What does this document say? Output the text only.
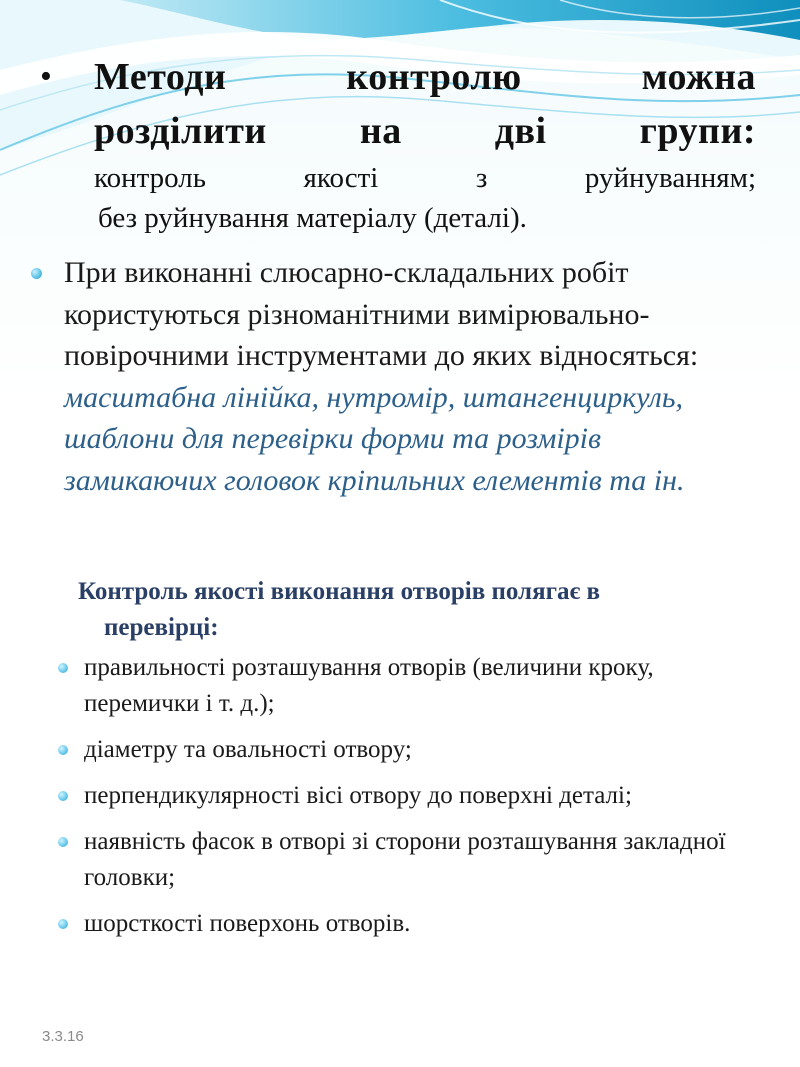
•	Методи контролю можна
розділити на дві групи:
контроль якості з руйнуванням;
без руйнування матеріалу (деталі).
При виконанні слюсарно-складальних робіт користуються різноманітними вимірювально-повірочними інструментами до яких відносяться: масштабна лінійка, нутромір, штангенциркуль, шаблони для перевірки форми та розмірів замикаючих головок кріпильних елементів та ін.
Контроль якості виконання отворів полягає в
перевірці:
правильності розташування отворів (величини кроку, перемички і т. д.);
діаметру та овальності отвору;
перпендикулярності вісі отвору до поверхні деталі;
наявність фасок в отворі зі сторони розташування закладної головки;
шорсткості поверхонь отворів.
3.3.16
